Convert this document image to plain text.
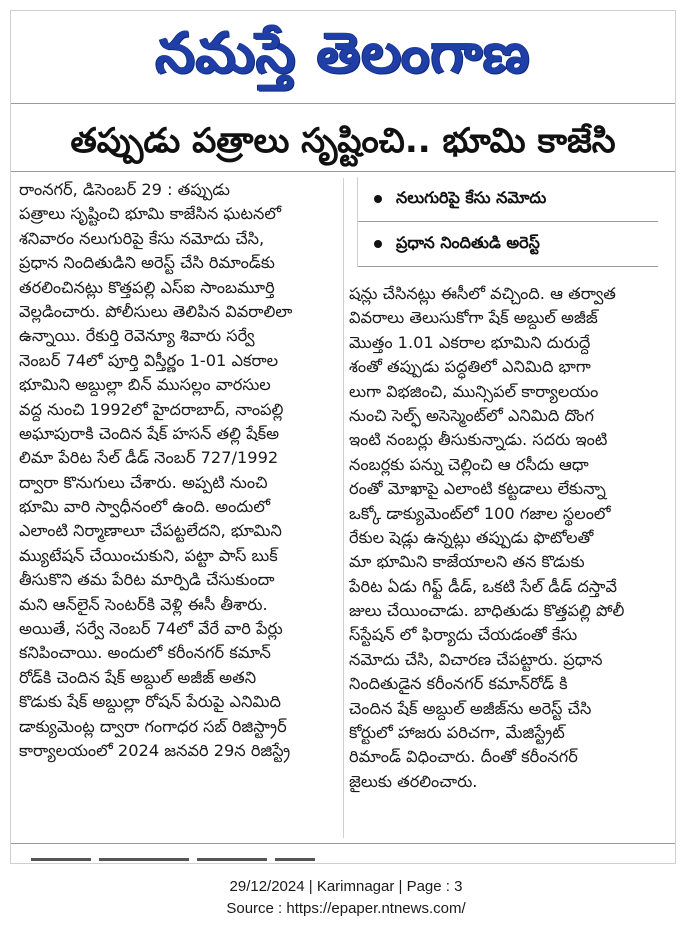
నమస్తే తెలంగాణ
తప్పుడు పత్రాలు సృష్టించి.. భూమి కాజేసి
రాంనగర్, డిసెంబర్ 29 : తప్పుడు
పత్రాలు సృష్టించి భూమి కాజేసిన ఘటనలో
శనివారం నలుగురిపై కేసు నమోదు చేసి,
ప్రధాన నిందితుడిని అరెస్ట్ చేసి రిమాండ్‌కు
తరలించినట్లు కొత్తపల్లి ఎస్‌ఐ సాంబమూర్తి
వెల్లడించారు. పోలీసులు తెలిపిన వివరాలిలా
ఉన్నాయి. రేకుర్తి రెవెన్యూ శివారు సర్వే
నెంబర్ 74లో పూర్తి విస్తీర్ణం 1-01 ఎకరాల
భూమిని అబ్దుల్లా బిన్ ముసల్లం వారసుల
వద్ద నుంచి 1992లో హైదరాబాద్, నాంపల్లి
అఘాపురాకి చెందిన షేక్ హసన్ తల్లి షేక్‌అ
లిమా పేరిట సేల్ డీడ్ నెంబర్ 727/1992
ద్వారా కొనుగులు చేశారు. అప్పటి నుంచి
భూమి వారి స్వాధీనంలో ఉంది. అందులో
ఎలాంటి నిర్మాణాలూ చేపట్టలేదని, భూమిని
మ్యుటేషన్ చేయించుకుని, పట్టా పాస్ బుక్
తీసుకొని తమ పేరిట మార్పిడి చేసుకుందా
మని ఆన్‌లైన్ సెంటర్‌కి వెళ్లి ఈసీ తీశారు.
అయితే, సర్వే నెంబర్ 74లో వేరే వారి పేర్లు
కనిపించాయి. అందులో కరీంనగర్ కమాన్
రోడ్‌కి చెందిన షేక్ అబ్దుల్ అజీజ్ అతని
కొడుకు షేక్ అబ్దుల్లా రోషన్ పేరుపై ఎనిమిది
డాక్యుమెంట్ల ద్వారా గంగాధర సబ్ రిజిస్ట్రార్
కార్యాలయంలో 2024 జనవరి 29న రిజిస్ట్రే
నలుగురిపై కేసు నమోదు
ప్రధాన నిందితుడి అరెస్ట్
షన్లు చేసినట్లు ఈసీలో వచ్చింది. ఆ తర్వాత
వివరాలు తెలుసుకోగా షేక్ అబ్దుల్ అజీజ్
మొత్తం 1.01 ఎకరాల భూమిని దురుద్దే
శంతో తప్పుడు పద్ధతిలో ఎనిమిది భాగా
లుగా విభజించి, మున్సిపల్ కార్యాలయం
నుంచి సెల్ఫ్ అసెస్మెంట్‌లో ఎనిమిది దొంగ
ఇంటి నంబర్లు తీసుకున్నాడు. సదరు ఇంటి
నంబర్లకు పన్ను చెల్లించి ఆ రసీదు ఆధా
రంతో మోఖాపై ఎలాంటి కట్టడాలు లేకున్నా
ఒక్కో డాక్యుమెంట్‌లో 100 గజాల స్థలంలో
రేకుల షెడ్లు ఉన్నట్లు తప్పుడు ఫొటోలతో
మా భూమిని కాజేయాలని తన కొడుకు
పేరిట ఏడు గిఫ్ట్ డీడ్, ఒకటి సేల్ డీడ్ దస్తావే
జులు చేయించాడు. బాధితుడు కొత్తపల్లి పోలీ
స్‌స్టేషన్ లో ఫిర్యాదు చేయడంతో కేసు
నమోదు చేసి, విచారణ చేపట్టారు. ప్రధాన
నిందితుడైన కరీంనగర్ కమాన్‌రోడ్ కి
చెందిన షేక్ అబ్దుల్ అజీజ్‌ను అరెస్ట్ చేసి
కోర్టులో హాజరు పరిచగా, మేజిస్ట్రేట్
రిమాండ్ విధించారు. దీంతో కరీంనగర్
జైలుకు తరలించారు.
29/12/2024 | Karimnagar | Page : 3
Source : https://epaper.ntnews.com/
